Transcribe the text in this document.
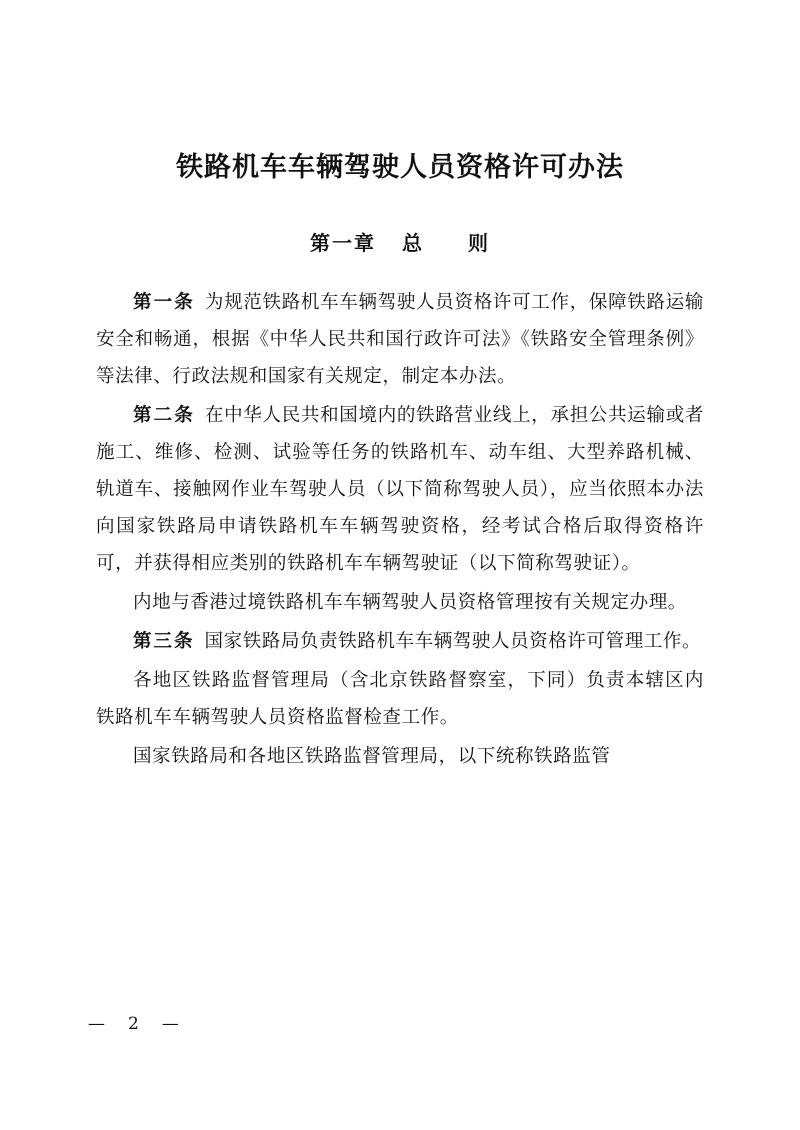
铁路机车车辆驾驶人员资格许可办法
第一章 总　　则

第一条 为规范铁路机车车辆驾驶人员资格许可工作，保障铁路运输安全和畅通，根据《中华人民共和国行政许可法》《铁路安全管理条例》等法律、行政法规和国家有关规定，制定本办法。

第二条 在中华人民共和国境内的铁路营业线上，承担公共运输或者施工、维修、检测、试验等任务的铁路机车、动车组、大型养路机械、轨道车、接触网作业车驾驶人员（以下简称驾驶人员），应当依照本办法向国家铁路局申请铁路机车车辆驾驶资格，经考试合格后取得资格许可，并获得相应类别的铁路机车车辆驾驶证（以下简称驾驶证）。

内地与香港过境铁路机车车辆驾驶人员资格管理按有关规定办理。

第三条 国家铁路局负责铁路机车车辆驾驶人员资格许可管理工作。

各地区铁路监督管理局（含北京铁路督察室，下同）负责本辖区内铁路机车车辆驾驶人员资格监督检查工作。

国家铁路局和各地区铁路监督管理局，以下统称铁路监管

—　2　—
